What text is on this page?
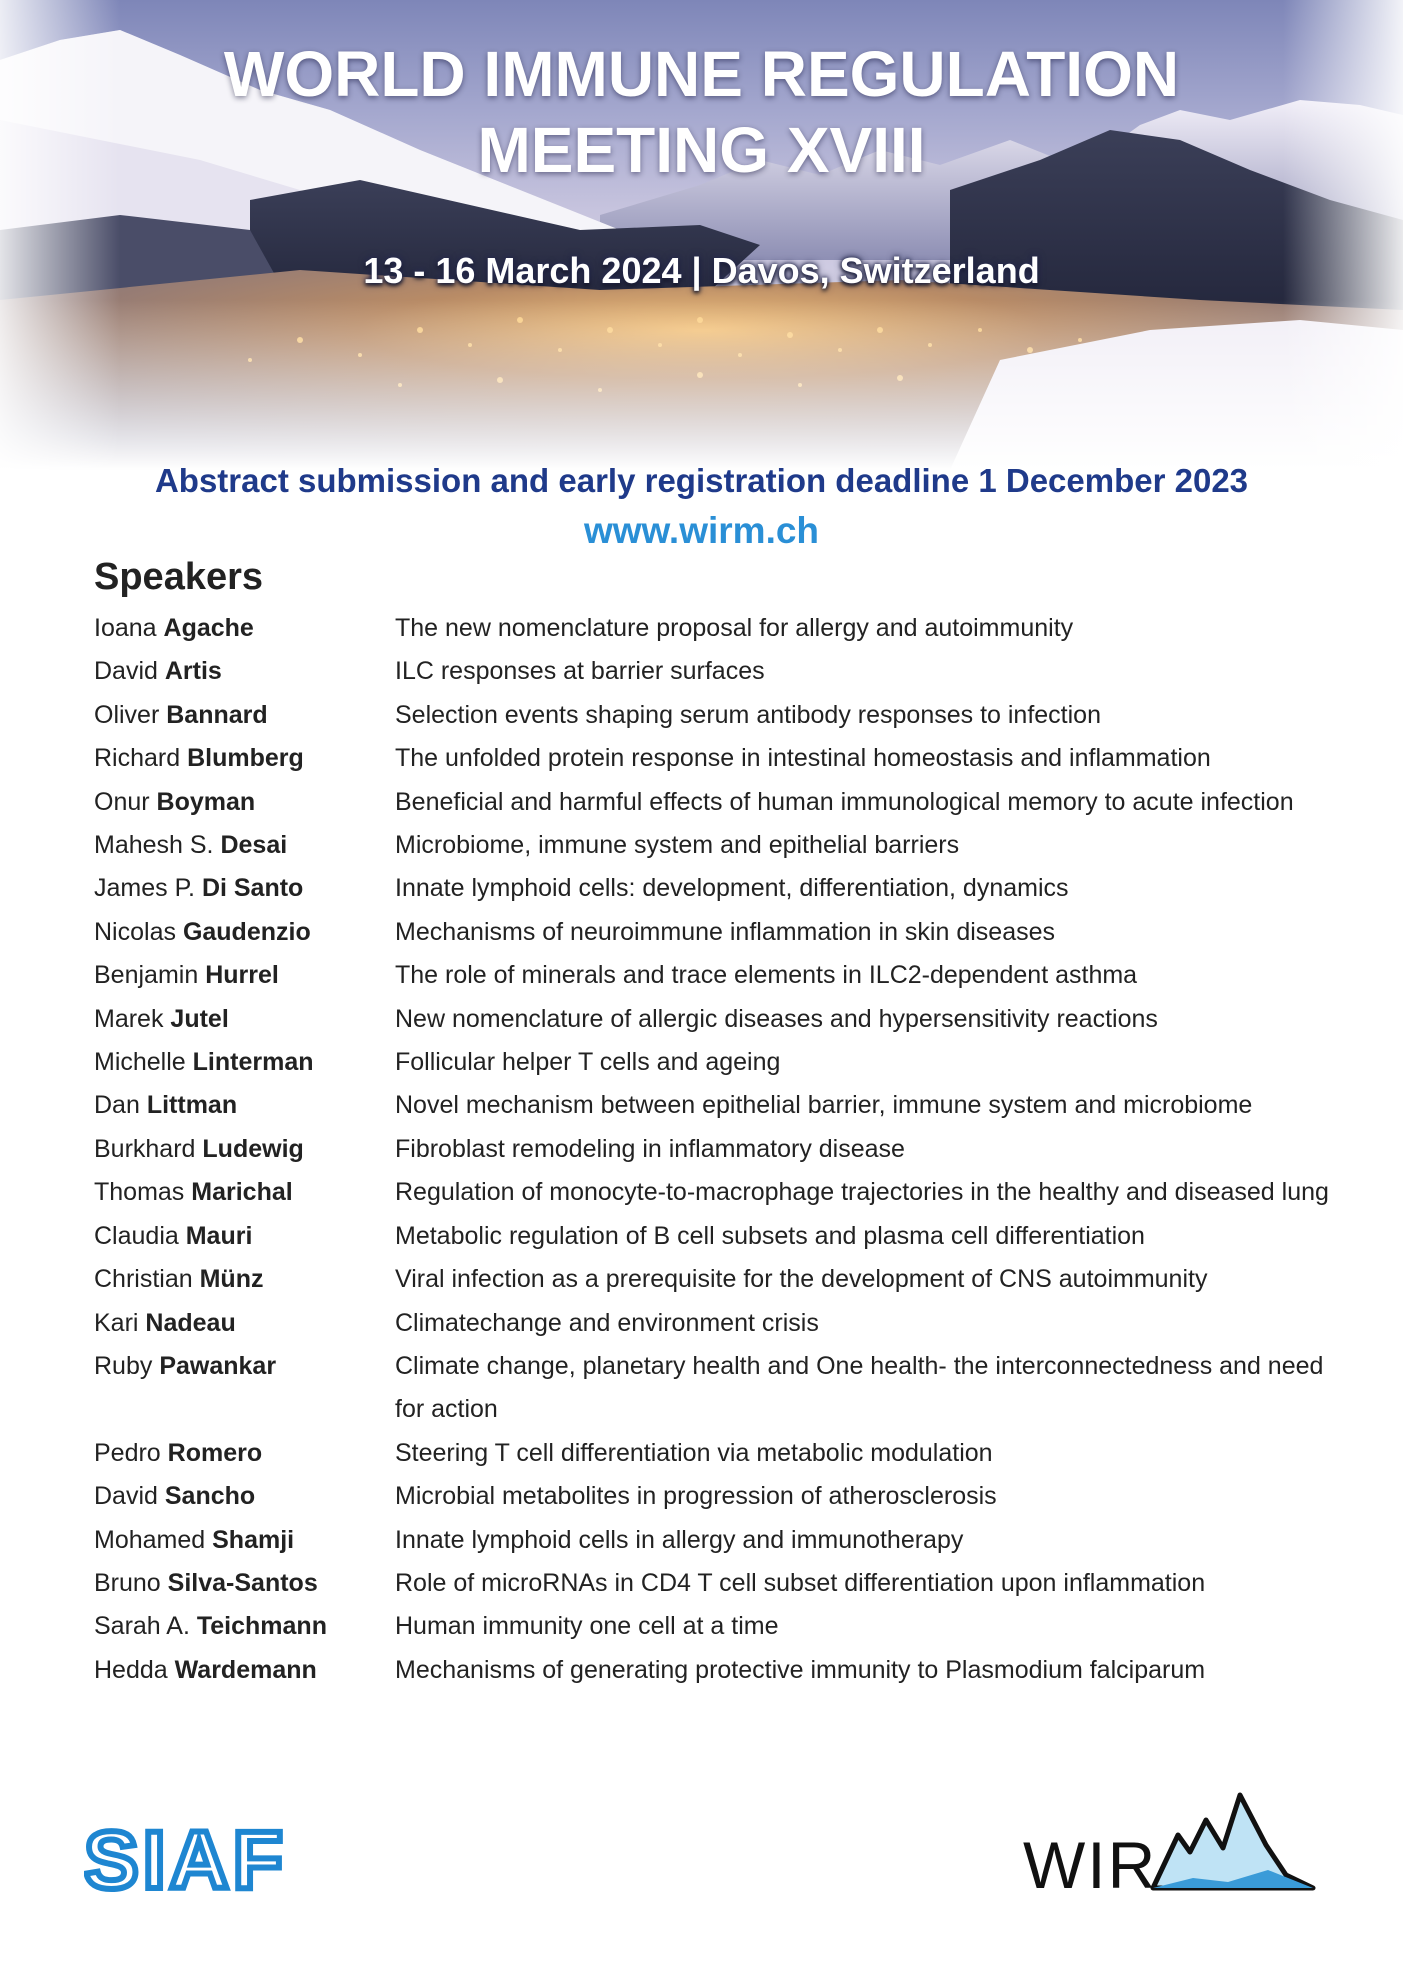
WORLD IMMUNE REGULATION
MEETING XVIII
13 - 16 March 2024 | Davos, Switzerland
Abstract submission and early registration deadline 1 December 2023
www.wirm.ch
Speakers
Ioana Agache	The new nomenclature proposal for allergy and autoimmunity
David Artis	ILC responses at barrier surfaces
Oliver Bannard	Selection events shaping serum antibody responses to infection
Richard Blumberg	The unfolded protein response in intestinal homeostasis and inflammation
Onur Boyman	Beneficial and harmful effects of human immunological memory to acute infection
Mahesh S. Desai	Microbiome, immune system and epithelial barriers
James P. Di Santo	Innate lymphoid cells: development, differentiation, dynamics
Nicolas Gaudenzio	Mechanisms of neuroimmune inflammation in skin diseases
Benjamin Hurrel	The role of minerals and trace elements in ILC2-dependent asthma
Marek Jutel	New nomenclature of allergic diseases and hypersensitivity reactions
Michelle Linterman	Follicular helper T cells and ageing
Dan Littman	Novel mechanism between epithelial barrier, immune system and microbiome
Burkhard Ludewig	Fibroblast remodeling in inflammatory disease
Thomas Marichal	Regulation of monocyte-to-macrophage trajectories in the healthy and diseased lung
Claudia Mauri	Metabolic regulation of B cell subsets and plasma cell differentiation
Christian Münz	Viral infection as a prerequisite for the development of CNS autoimmunity
Kari Nadeau	Climatechange and environment crisis
Ruby Pawankar	Climate change, planetary health and One health- the interconnectedness and need for action
Pedro Romero	Steering T cell differentiation via metabolic modulation
David Sancho	Microbial metabolites in progression of atherosclerosis
Mohamed Shamji	Innate lymphoid cells in allergy and immunotherapy
Bruno Silva-Santos	Role of microRNAs in CD4 T cell subset differentiation upon inflammation
Sarah A. Teichmann	Human immunity one cell at a time
Hedda Wardemann	Mechanisms of generating protective immunity to Plasmodium falciparum
SIAF	WIR
